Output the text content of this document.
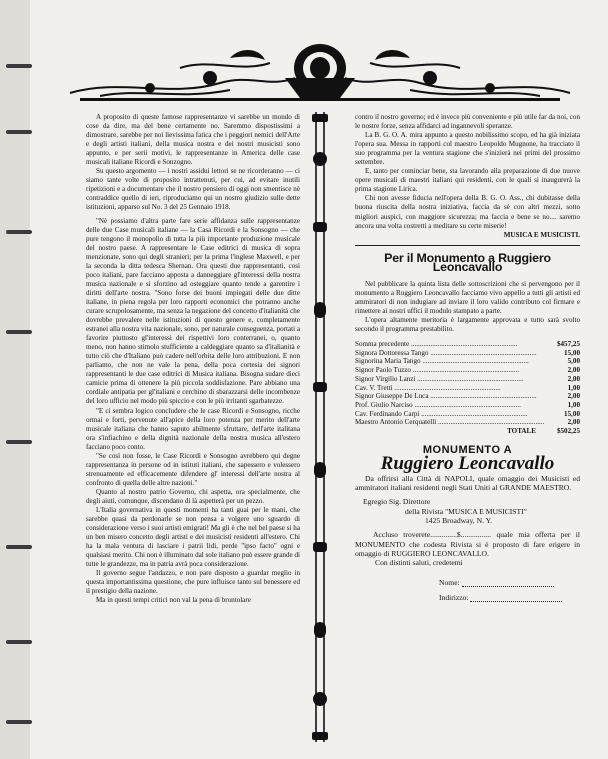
A proposito di queste famose rappresentanze vi sarebbe un mondo di cose da dire, ma del bene certamente no. Saremmo dispostissimi a dimostrare, sarebbe per noi lievissima fatica che i peggiori nemici dell'Arte e degli artisti italiani, della musica nostra e dei nostri musicisti sono appunto, e per serii motivi, le rappresentanze in America delle case musicali italiane Ricordi e Sonzogno.

Su questo argomento — i nostri assidui lettori se ne ricorderanno — ci siamo tante volte di proposito intrattenuti, per cui, ad evitare inutili ripetizioni e a documentare che il nostro pensiero di oggi non smentisce nè contraddice quello di ieri, riproduciamo qui un nostro giudizio sulle dette istituzioni, apparso sul No. 3 del 25 Gennaio 1918.

"Nè possiamo d'altra parte fare serie affidanza sulle rappresentanze delle due Case musicali italiane — la Casa Ricordi e la Sonsogno — che pure tengono il monopolio di tutta la più importante produzione musicale del nostro paese. A rappresentare le Case editrici di musica di sopra menzionate, sono qui degli stranieri; per la prima l'inglese Maxwell, e per la seconda la ditta tedesca Shernan. Ora questi due rappresentanti, così poco italiani, pare facciano apposta a danneggiare gl'interessi della nostra musica nazionale e si sforzino ad osteggiare quanto tende a garentire i diritti dell'arte nostra. "Sono forse dei buoni impiegati delle due ditte italiane, in piena regola per loro rapporti economici che potranno anche curare scrupolosamente, ma senza la negazione del concetto d'italianità che dovrebbe prevalere nelle istituzioni di questo genere e, completamente estranei alla nostra vita nazionale, sono, per naturale conseguenza, portati a favorire piuttosto gl'interessi dei rispettivi loro conterranei, o, quanto meno, non hanno stimolo stufficiente a caldeggiare quanto sa d'italianità e tutto ciò che d'Italiano può cadere nell'orbita delle loro attribuzioni. E non parliamo, che non ne vale la pena, della poca cortesia dei signori rappresentanti le due case editrici di Musica italiana. Bisogna sudare dieci camicie prima di ottenere la più piccola soddisfazione. Pare abbiano una cordiale antipatia per gl'italiani e cerchino di sbarazzarsi delle incombenze del loro ufficio nel modo più spiccio e con le più irritanti sgarbatezze.

"E ci sembra logico concludere che le case Ricordi e Sonsogno, ricche ormai e forti, pervenute all'apice della loro potenza per merito dell'arte musicale italiana che hanno saputo abilmente sfruttare, dell'arte italitana ora s'infiachino e della dignità nazionale della nostra musica all'estero facciano poco conto.

"Se così non fosse, le Case Ricordi e Sonsogno avrebbero qui degne rappresentanza in persone od in istituti italiani, che sapessero e volessero strenuamente ed efficacemente difendere gl' interessi dell'arte nostra al confronto di quella delle altre nazioni."

Quanto al nostro patrio Governo, chi aspetta, ora specialmente, che degli aiuti, comunque, discendano di là aspetterà per un pezzo.

L'Italia governativa in questi momenti ha tanti guai per le mani, che sarebbe quasi da perdonarle se non pensa a volgere uno sguardo di considerazione verso i suoi artisti emigrati! Ma gli è che nel bel paese si ha un ben misero concetto degli artisti e dei musicisti residenti all'estero. Chi ha la mala ventura di lasciare i patrii lidi, perde "ipso facto" ogni e qualsiasi merito. Chi non è illuminato dal sole italiano può essere grande di tutte le grandezze, ma in patria avrà poca considerazione.

Il governo segue l'andazzo, e non pare disposto a guardar meglio in questa importantissima questione, che pure influisce tanto sul benessere ed il prestigio della nazione.

Ma in questi tempi critici non val la pena di brontolare

contro il nostro governo; ed è invece più conveniente e più utile far da noi, con le nostre forze, senza affidarci ad ingannevoli speranze.

La B. G. O. A. mira appunto a questo nobilissimo scopo, ed ha già iniziata l'opera sua. Messa in rapporti col maestro Leopoldo Mugnone, ha tracciato il suo programma per la ventura stagione che s'inizierà nei primi del prossimo settembre.

E, tanto per cominciar bene, sta lavorando alla preparazione di due nuove opere musicali di maestri italiani qui residenti, con le quali si inaugurerà la prima stagione Lirica.

Chi non avesse fiducia nell'opera della B. G. O. Ass., chi dubitasse della buona riuscita della nostra iniziativa, faccia da sè con altri mezzi, sotto migliori auspici, con maggiore sicurezza; ma faccia e bene se no.... saremo ancora una volta costretti a meditare su certe miserie!

MUSICA E MUSICISTI.
Per il Monumento a Ruggiero Leoncavallo

Nel pubblicare la quinta lista delle sottoscrizioni che si pervengono per il monumento a Ruggiero Leoncavallo facciamo vivo appello a tutti gli artisti ed ammiratori di non indugiare ad inviare il loro valido contributo col firmare e rimettere ai nostri uffici il modulo stampato a parte.

L'opera altamente meritoria è largamente approvata e tutto sarà svolto secondo il programma prestabilito.

Somma precedente ............................................................	$457,25
Signora Dottoressa Tango ............................................................	15,00
Signorina Maria Tango ............................................................	5,00
Signor Paolo Tuzzo ............................................................	2,00
Signor Virgilio Lanzi ............................................................	2,00
Cav. V. Tretti ............................................................	1,00
Signor Giuseppe De Luca ............................................................	2,00
Prof. Giulio Narciso ............................................................	1,00
Cav. Ferdinando Carpi ............................................................	15,00
Maestro Antonio Cerquatelli ............................................................	2,00
TOTALE	$502,25
MONUMENTO A
Ruggiero Leoncavallo

Da offrirsi alla Città di NAPOLI, quale omaggio dei Musicisti ed ammiratori italiani residenti negli Stati Uniti al GRANDE MAESTRO.

Egregio Sig. Direttore

della Rivista "MUSICA E MUSICISTI"

1425 Broadway, N. Y.

Accluso troverete..............$................ quale mia offerta per il MONUMENTO che codesta Rivista si è proposto di fare erigere in omaggio di RUGGIERO LEONCAVALLO.

Con distinti saluti, credetemi

Nome:

Indirizzo:
